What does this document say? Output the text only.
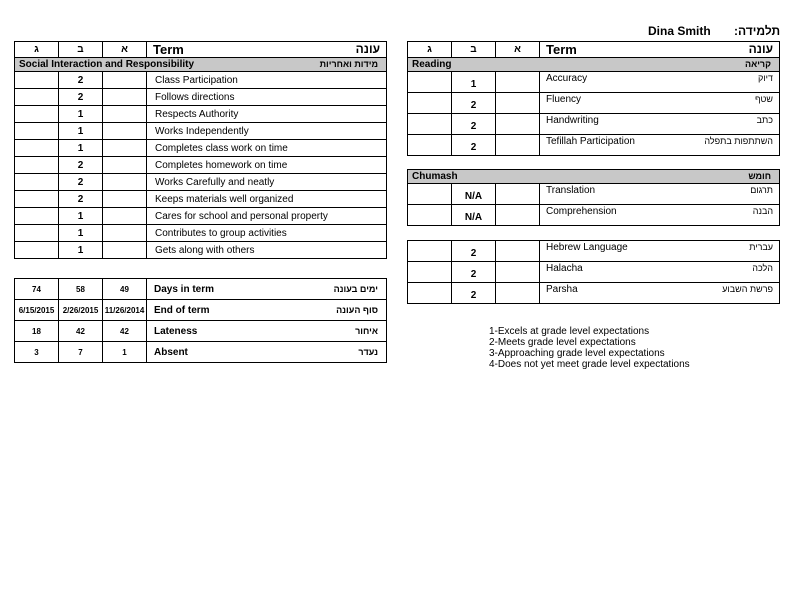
Dina Smith תלמידה:
ג	ב	א	Term עונה

Social Interaction and Responsibility מידות ואחריות			

	2		Class Participation
	2		Follows directions
	1		Respects Authority
	1		Works Independently
	1		Completes class work on time
	2		Completes homework on time
	2		Works Carefully and neatly
	2		Keeps materials well organized
	1		Cares for school and personal property
	1		Contributes to group activities
	1		Gets along with others
74	58	49	Days in term ימים בעונה

6/15/2015	2/26/2015	11/26/2014	End of term סוף העונה

18	42	42	Lateness איחור

3	7	1	Absent נעדר
ג	ב	א	Term עונה

Reading קריאה			

	1		Accuracy דיוק

	2		Fluency שטף

	2		Handwriting כתב

	2		Tefillah Participation השתתפות בתפלה
Chumash חומש			

	N/A		Translation תרגום

	N/A		Comprehension הבנה
	2		Hebrew Language עברית

	2		Halacha הלכה

	2		Parsha פרשת השבוע
1-Excels at grade level expectations
2-Meets grade level expectations
3-Approaching grade level expectations
4-Does not yet meet grade level expectations
